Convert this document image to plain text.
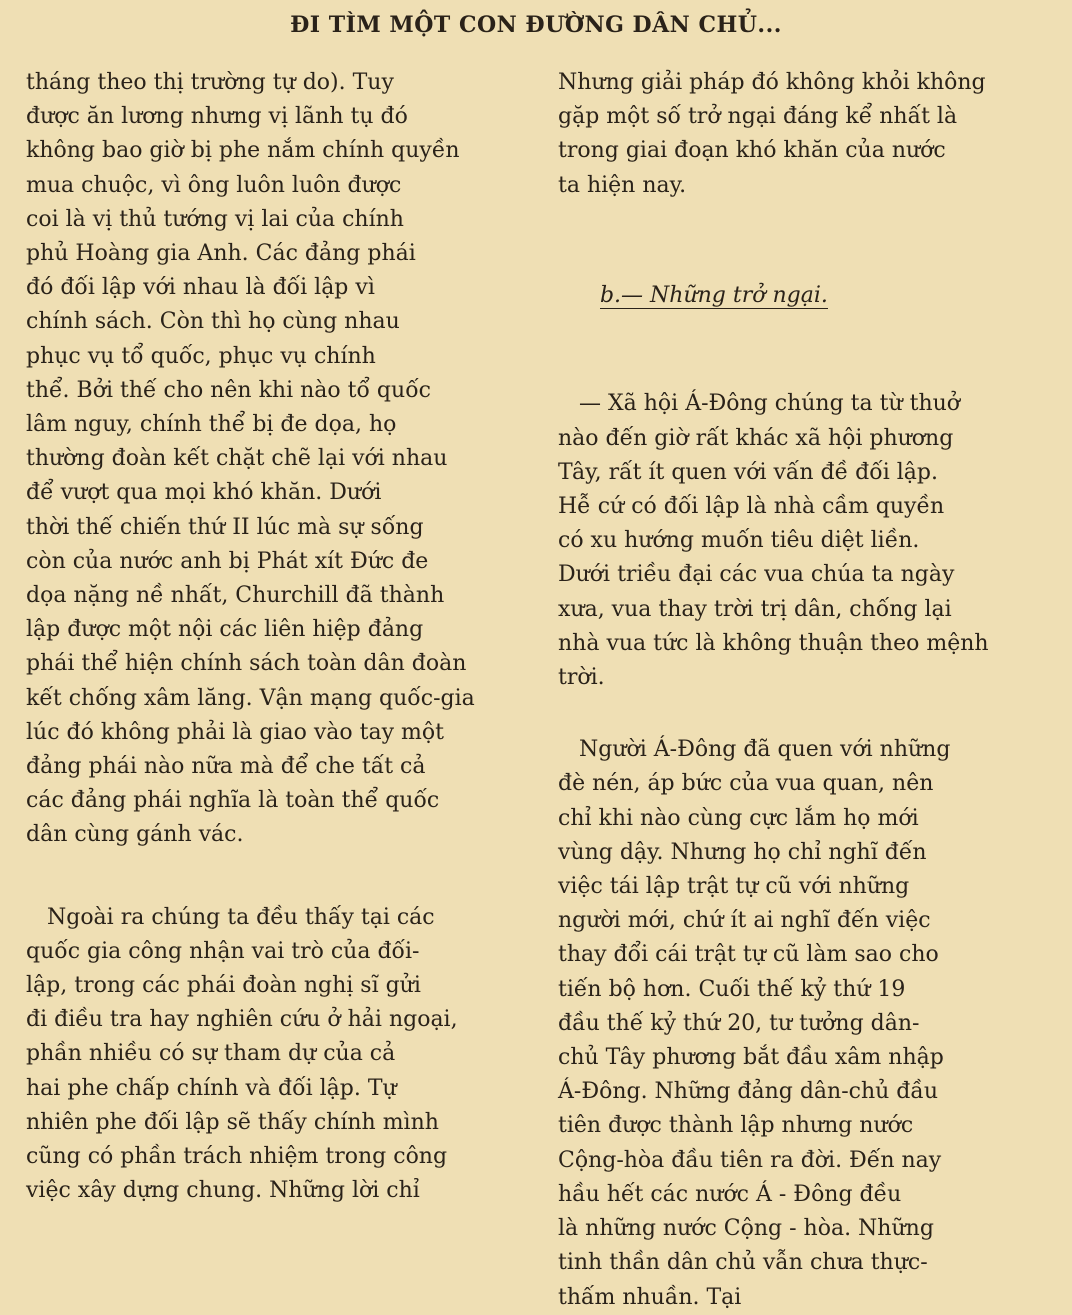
ĐI TÌM MỘT CON ĐƯỜNG DÂN CHỦ...

tháng theo thị trường tự do). Tuy
được ăn lương nhưng vị lãnh tụ đó
không bao giờ bị phe nắm chính quyền
mua chuộc, vì ông luôn luôn được
coi là vị thủ tướng vị lai của chính
phủ Hoàng gia Anh. Các đảng phái
đó đối lập với nhau là đối lập vì
chính sách. Còn thì họ cùng nhau
phục vụ tổ quốc, phục vụ chính
thể. Bởi thế cho nên khi nào tổ quốc
lâm nguy, chính thể bị đe dọa, họ
thường đoàn kết chặt chẽ lại với nhau
để vượt qua mọi khó khăn. Dưới
thời thế chiến thứ II lúc mà sự sống
còn của nước anh bị Phát xít Đức đe
dọa nặng nề nhất, Churchill đã thành
lập được một nội các liên hiệp đảng
phái thể hiện chính sách toàn dân đoàn
kết chống xâm lăng. Vận mạng quốc-gia
lúc đó không phải là giao vào tay một
đảng phái nào nữa mà để che tất cả
các đảng phái nghĩa là toàn thể quốc
dân cùng gánh vác.

Ngoài ra chúng ta đều thấy tại các
quốc gia công nhận vai trò của đối-
lập, trong các phái đoàn nghị sĩ gửi
đi điều tra hay nghiên cứu ở hải ngoại,
phần nhiều có sự tham dự của cả
hai phe chấp chính và đối lập. Tự
nhiên phe đối lập sẽ thấy chính mình
cũng có phần trách nhiệm trong công
việc xây dựng chung. Những lời chỉ

Nhưng giải pháp đó không khỏi không
gặp một số trở ngại đáng kể nhất là
trong giai đoạn khó khăn của nước
ta hiện nay.

b.— Những trở ngại.

— Xã hội Á-Đông chúng ta từ thuở
nào đến giờ rất khác xã hội phương
Tây, rất ít quen với vấn đề đối lập.
Hễ cứ có đối lập là nhà cầm quyền
có xu hướng muốn tiêu diệt liền.
Dưới triều đại các vua chúa ta ngày
xưa, vua thay trời trị dân, chống lại
nhà vua tức là không thuận theo mệnh
trời.

Người Á-Đông đã quen với những
đè nén, áp bức của vua quan, nên
chỉ khi nào cùng cực lắm họ mới
vùng dậy. Nhưng họ chỉ nghĩ đến
việc tái lập trật tự cũ với những
người mới, chứ ít ai nghĩ đến việc
thay đổi cái trật tự cũ làm sao cho
tiến bộ hơn. Cuối thế kỷ thứ 19
đầu thế kỷ thứ 20, tư tưởng dân-
chủ Tây phương bắt đầu xâm nhập
Á-Đông. Những đảng dân-chủ đầu
tiên được thành lập nhưng nước
Cộng-hòa đầu tiên ra đời. Đến nay
hầu hết các nước Á - Đông đều
là những nước Cộng - hòa. Những
tinh thần dân chủ vẫn chưa thực-
thấm nhuần. Tại
